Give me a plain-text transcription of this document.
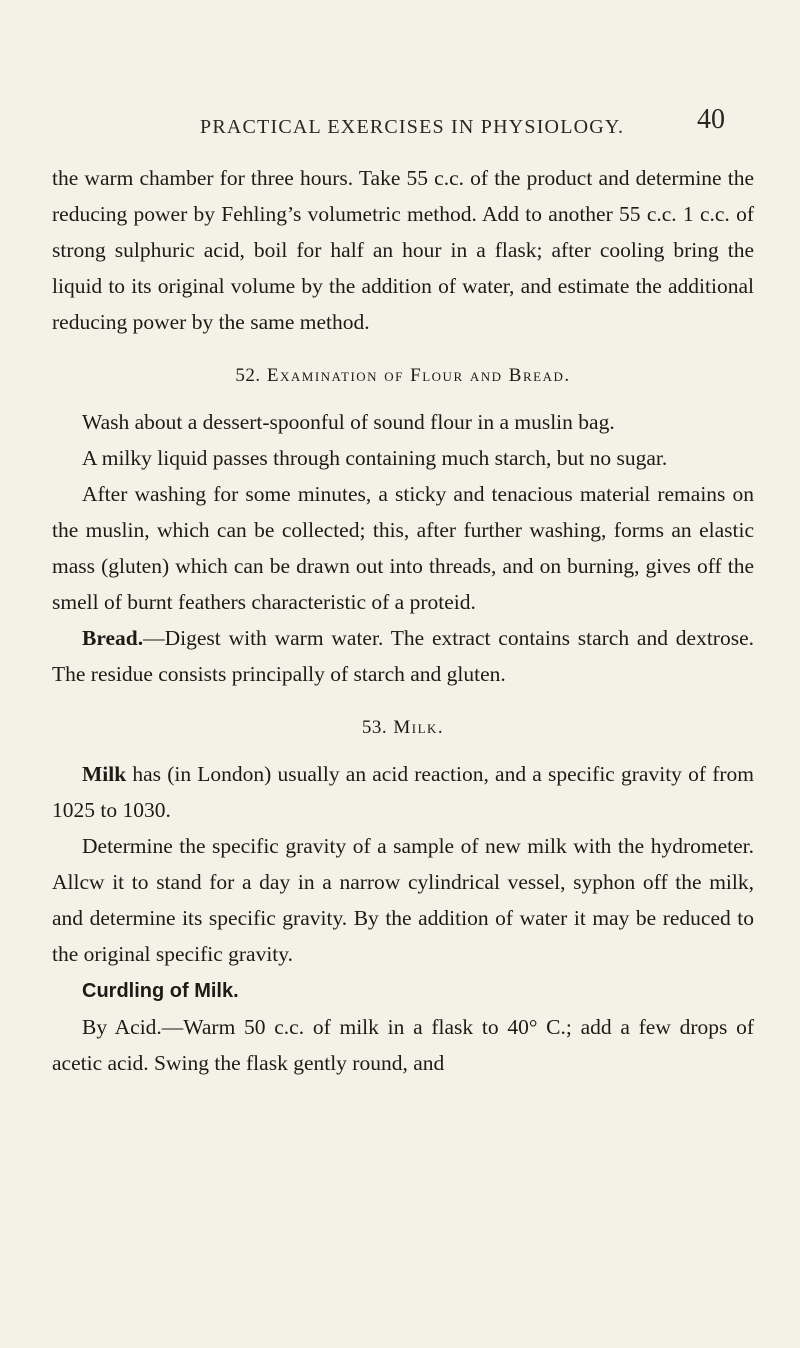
PRACTICAL EXERCISES IN PHYSIOLOGY.	40

the warm chamber for three hours. Take 55 c.c. of the product and determine the reducing power by Fehling’s volumetric method. Add to another 55 c.c. 1 c.c. of strong sulphuric acid, boil for half an hour in a flask; after cooling bring the liquid to its original volume by the addition of water, and estimate the additional reducing power by the same method.

52. Examination of Flour and Bread.

Wash about a dessert-spoonful of sound flour in a muslin bag.

A milky liquid passes through containing much starch, but no sugar.

After washing for some minutes, a sticky and tenacious material remains on the muslin, which can be collected; this, after further washing, forms an elastic mass (gluten) which can be drawn out into threads, and on burning, gives off the smell of burnt feathers characteristic of a proteid.

Bread.—Digest with warm water. The extract contains starch and dextrose. The residue consists principally of starch and gluten.

53. Milk.

Milk has (in London) usually an acid reaction, and a specific gravity of from 1025 to 1030.

Determine the specific gravity of a sample of new milk with the hydrometer. Allсw it to stand for a day in a narrow cylindrical vessel, syphon off the milk, and determine its specific gravity. By the addition of water it may be reduced to the original specific gravity.

Curdling of Milk.

By Acid.—Warm 50 c.c. of milk in a flask to 40° C.; add a few drops of acetic acid. Swing the flask gently round, and
